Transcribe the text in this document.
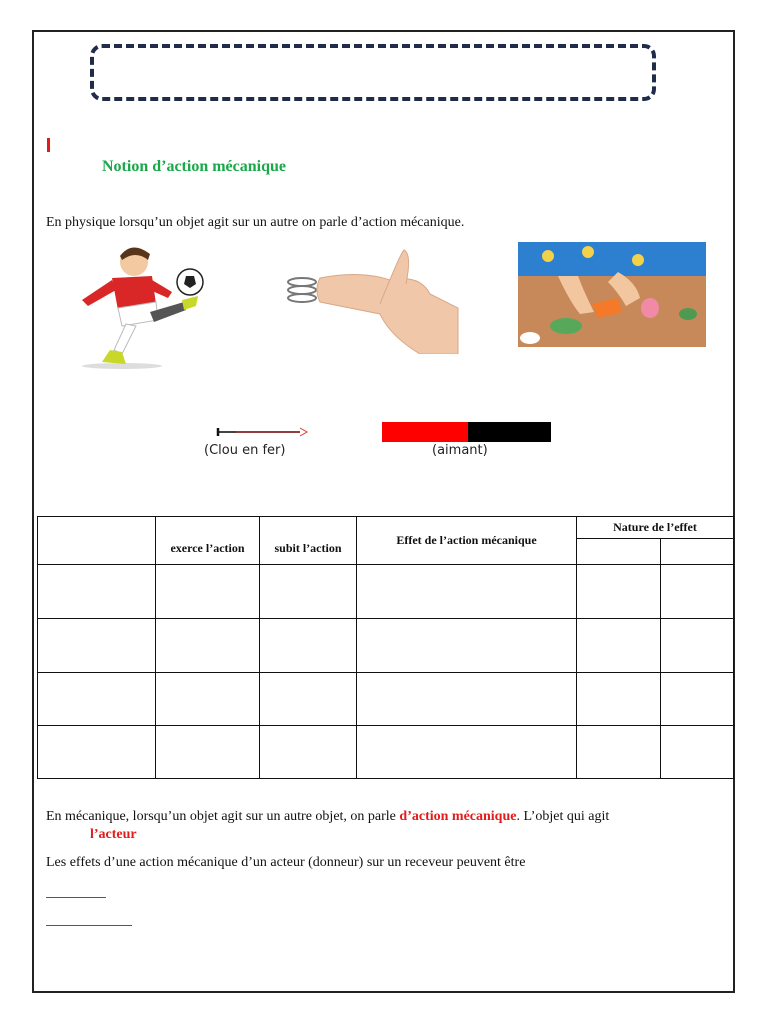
Notion d’action mécanique
En physique lorsqu’un objet agit sur un autre on parle d’action mécanique.
(Clou en fer)	(aimant)
	exerce l’action	subit l’action	Effet de l’action mécanique	Nature de l’effet	

En mécanique, lorsqu’un objet agit sur un autre objet, on parle d’action mécanique. L’objet qui agit
l’acteur
Les effets d’une action mécanique d’un acteur (donneur) sur un receveur peuvent être
